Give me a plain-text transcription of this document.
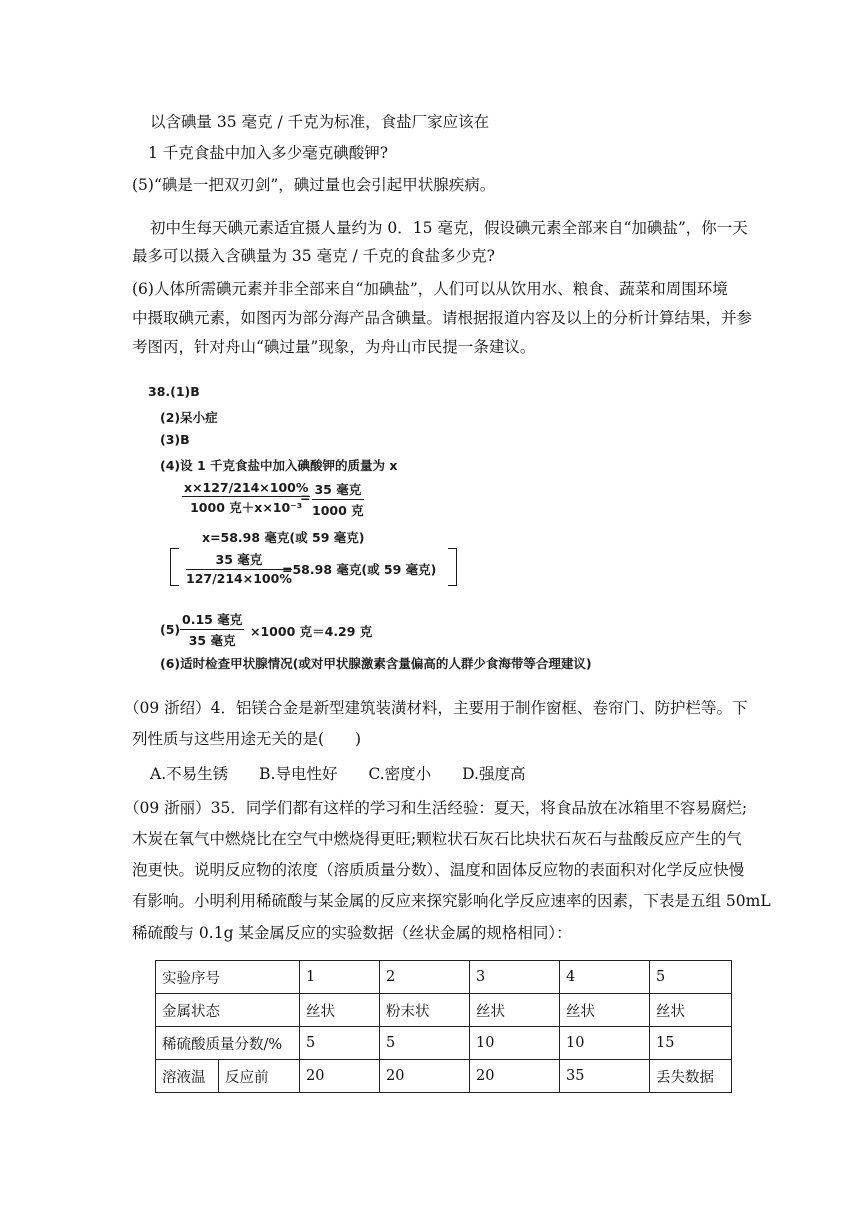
以含碘量 35 毫克 / 千克为标准，食盐厂家应该在
1 千克食盐中加入多少毫克碘酸钾?
(5)“碘是一把双刃剑”，碘过量也会引起甲状腺疾病。
初中生每天碘元素适宜摄人量约为 0．15 毫克，假设碘元素全部来自“加碘盐”，你一天
最多可以摄入含碘量为 35 毫克 / 千克的食盐多少克?
(6)人体所需碘元素并非全部来自“加碘盐”，人们可以从饮用水、粮食、蔬菜和周围环境
中摄取碘元素，如图丙为部分海产品含碘量。请根据报道内容及以上的分析计算结果，并参
考图丙，针对舟山“碘过量”现象，为舟山市民提一条建议。
38.(1)B
(2)呆小症
(3)B
(4)设 1 千克食盐中加入碘酸钾的质量为 x
x×127/214×100%
1000 克＋x×10⁻³
=
35 毫克
1000 克
x=58.98 毫克(或 59 毫克)
35 毫克
127/214×100%
=58.98 毫克(或 59 毫克)
(5)
0.15 毫克
35 毫克
×1000 克＝4.29 克
(6)适时检查甲状腺情况(或对甲状腺激素含量偏高的人群少食海带等合理建议)
（09 浙绍）4．铝镁合金是新型建筑装潢材料，主要用于制作窗框、卷帘门、防护栏等。下
列性质与这些用途无关的是(　　)
A.不易生锈　　B.导电性好　　C.密度小　　D.强度高
（09 浙丽）35．同学们都有这样的学习和生活经验：夏天，将食品放在冰箱里不容易腐烂;
木炭在氧气中燃烧比在空气中燃烧得更旺;颗粒状石灰石比块状石灰石与盐酸反应产生的气
泡更快。说明反应物的浓度（溶质质量分数）、温度和固体反应物的表面积对化学反应快慢
有影响。小明利用稀硫酸与某金属的反应来探究影响化学反应速率的因素，下表是五组 50mL
稀硫酸与 0.1g 某金属反应的实验数据（丝状金属的规格相同）：
实验序号		1	2	3	4	5
金属状态		丝状	粉末状	丝状	丝状	丝状
稀硫酸质量分数/%		5	5	10	10	15
溶液温	反应前	20	20	20	35	丢失数据
